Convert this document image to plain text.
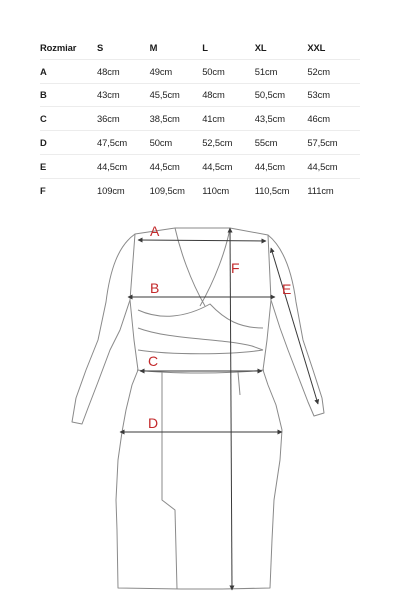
Rozmiar	S	M	L	XL	XXL
A	48cm	49cm	50cm	51cm	52cm
B	43cm	45,5cm	48cm	50,5cm	53cm
C	36cm	38,5cm	41cm	43,5cm	46cm
D	47,5cm	50cm	52,5cm	55cm	57,5cm
E	44,5cm	44,5cm	44,5cm	44,5cm	44,5cm
F	109cm	109,5cm	110cm	110,5cm	111cm
A
B
C
D
E
F
